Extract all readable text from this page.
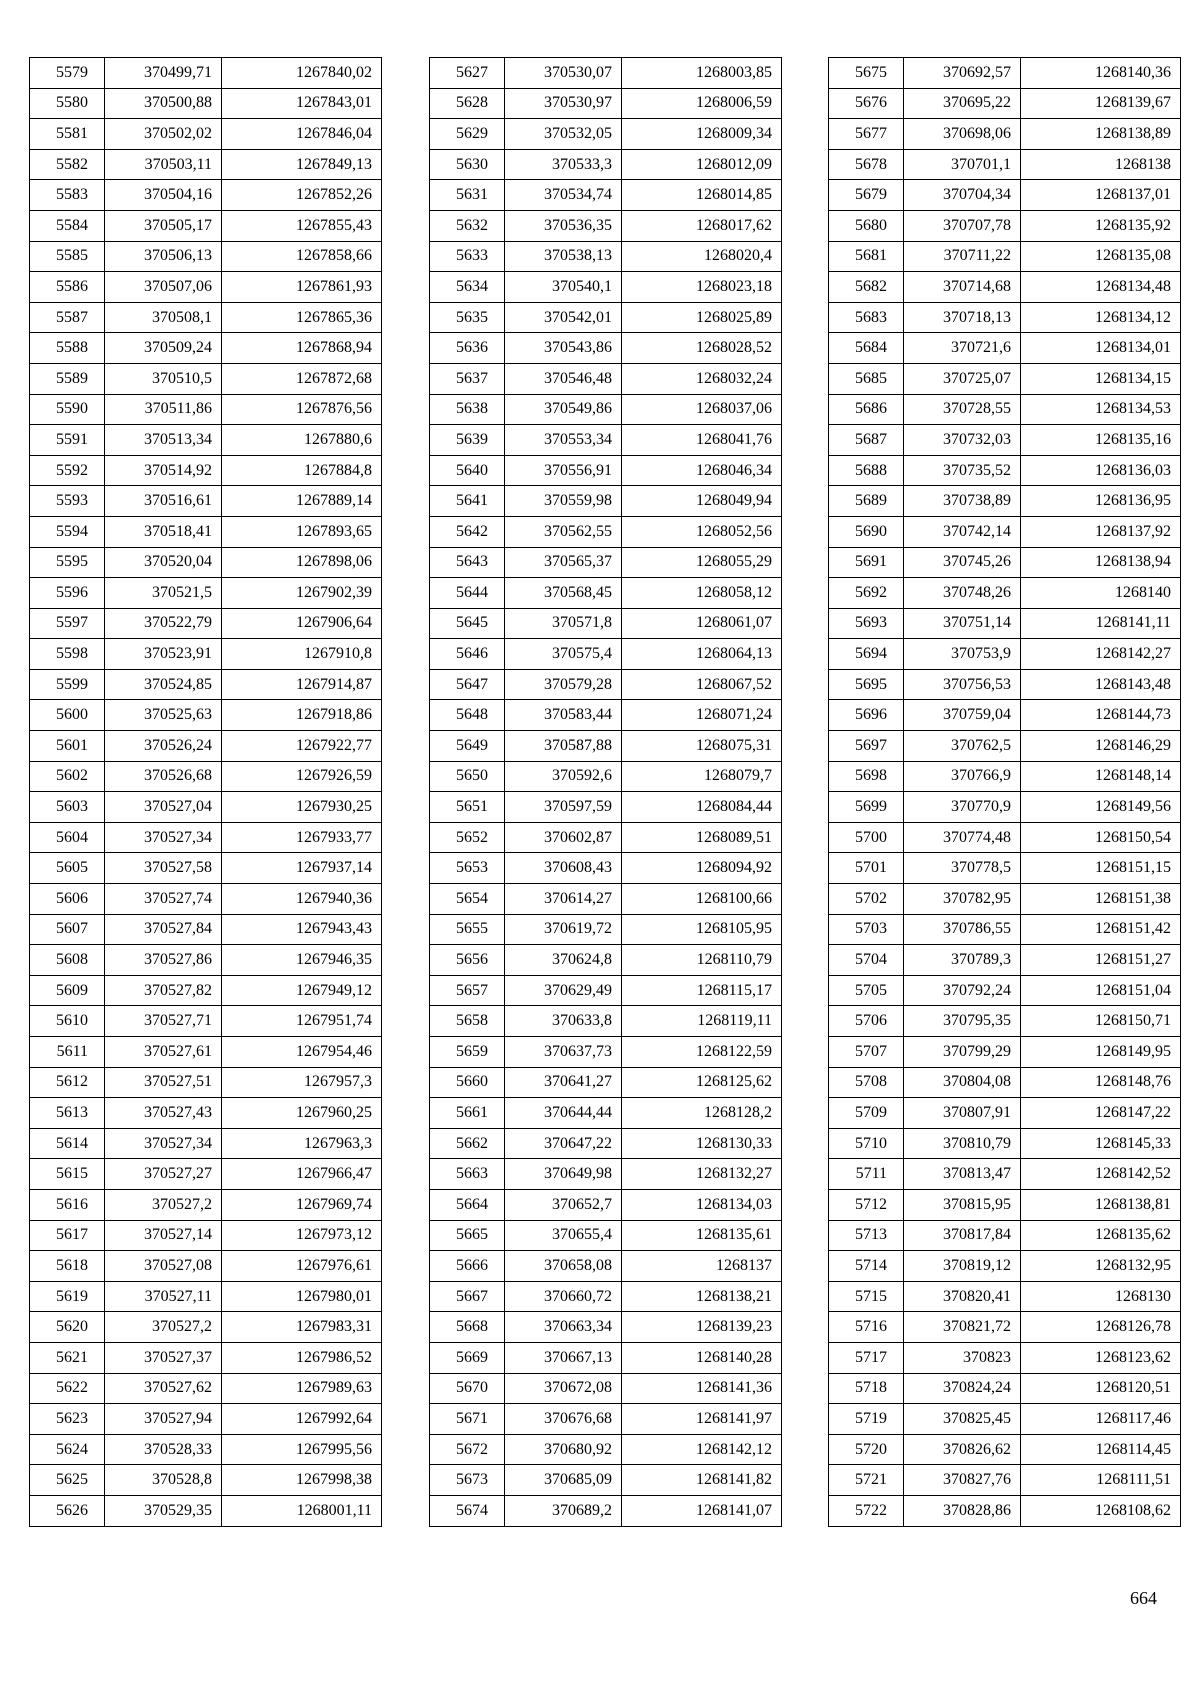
5579	370499,71	1267840,02
5580	370500,88	1267843,01
5581	370502,02	1267846,04
5582	370503,11	1267849,13
5583	370504,16	1267852,26
5584	370505,17	1267855,43
5585	370506,13	1267858,66
5586	370507,06	1267861,93
5587	370508,1	1267865,36
5588	370509,24	1267868,94
5589	370510,5	1267872,68
5590	370511,86	1267876,56
5591	370513,34	1267880,6
5592	370514,92	1267884,8
5593	370516,61	1267889,14
5594	370518,41	1267893,65
5595	370520,04	1267898,06
5596	370521,5	1267902,39
5597	370522,79	1267906,64
5598	370523,91	1267910,8
5599	370524,85	1267914,87
5600	370525,63	1267918,86
5601	370526,24	1267922,77
5602	370526,68	1267926,59
5603	370527,04	1267930,25
5604	370527,34	1267933,77
5605	370527,58	1267937,14
5606	370527,74	1267940,36
5607	370527,84	1267943,43
5608	370527,86	1267946,35
5609	370527,82	1267949,12
5610	370527,71	1267951,74
5611	370527,61	1267954,46
5612	370527,51	1267957,3
5613	370527,43	1267960,25
5614	370527,34	1267963,3
5615	370527,27	1267966,47
5616	370527,2	1267969,74
5617	370527,14	1267973,12
5618	370527,08	1267976,61
5619	370527,11	1267980,01
5620	370527,2	1267983,31
5621	370527,37	1267986,52
5622	370527,62	1267989,63
5623	370527,94	1267992,64
5624	370528,33	1267995,56
5625	370528,8	1267998,38
5626	370529,35	1268001,11
5627	370530,07	1268003,85
5628	370530,97	1268006,59
5629	370532,05	1268009,34
5630	370533,3	1268012,09
5631	370534,74	1268014,85
5632	370536,35	1268017,62
5633	370538,13	1268020,4
5634	370540,1	1268023,18
5635	370542,01	1268025,89
5636	370543,86	1268028,52
5637	370546,48	1268032,24
5638	370549,86	1268037,06
5639	370553,34	1268041,76
5640	370556,91	1268046,34
5641	370559,98	1268049,94
5642	370562,55	1268052,56
5643	370565,37	1268055,29
5644	370568,45	1268058,12
5645	370571,8	1268061,07
5646	370575,4	1268064,13
5647	370579,28	1268067,52
5648	370583,44	1268071,24
5649	370587,88	1268075,31
5650	370592,6	1268079,7
5651	370597,59	1268084,44
5652	370602,87	1268089,51
5653	370608,43	1268094,92
5654	370614,27	1268100,66
5655	370619,72	1268105,95
5656	370624,8	1268110,79
5657	370629,49	1268115,17
5658	370633,8	1268119,11
5659	370637,73	1268122,59
5660	370641,27	1268125,62
5661	370644,44	1268128,2
5662	370647,22	1268130,33
5663	370649,98	1268132,27
5664	370652,7	1268134,03
5665	370655,4	1268135,61
5666	370658,08	1268137
5667	370660,72	1268138,21
5668	370663,34	1268139,23
5669	370667,13	1268140,28
5670	370672,08	1268141,36
5671	370676,68	1268141,97
5672	370680,92	1268142,12
5673	370685,09	1268141,82
5674	370689,2	1268141,07
5675	370692,57	1268140,36
5676	370695,22	1268139,67
5677	370698,06	1268138,89
5678	370701,1	1268138
5679	370704,34	1268137,01
5680	370707,78	1268135,92
5681	370711,22	1268135,08
5682	370714,68	1268134,48
5683	370718,13	1268134,12
5684	370721,6	1268134,01
5685	370725,07	1268134,15
5686	370728,55	1268134,53
5687	370732,03	1268135,16
5688	370735,52	1268136,03
5689	370738,89	1268136,95
5690	370742,14	1268137,92
5691	370745,26	1268138,94
5692	370748,26	1268140
5693	370751,14	1268141,11
5694	370753,9	1268142,27
5695	370756,53	1268143,48
5696	370759,04	1268144,73
5697	370762,5	1268146,29
5698	370766,9	1268148,14
5699	370770,9	1268149,56
5700	370774,48	1268150,54
5701	370778,5	1268151,15
5702	370782,95	1268151,38
5703	370786,55	1268151,42
5704	370789,3	1268151,27
5705	370792,24	1268151,04
5706	370795,35	1268150,71
5707	370799,29	1268149,95
5708	370804,08	1268148,76
5709	370807,91	1268147,22
5710	370810,79	1268145,33
5711	370813,47	1268142,52
5712	370815,95	1268138,81
5713	370817,84	1268135,62
5714	370819,12	1268132,95
5715	370820,41	1268130
5716	370821,72	1268126,78
5717	370823	1268123,62
5718	370824,24	1268120,51
5719	370825,45	1268117,46
5720	370826,62	1268114,45
5721	370827,76	1268111,51
5722	370828,86	1268108,62
664
